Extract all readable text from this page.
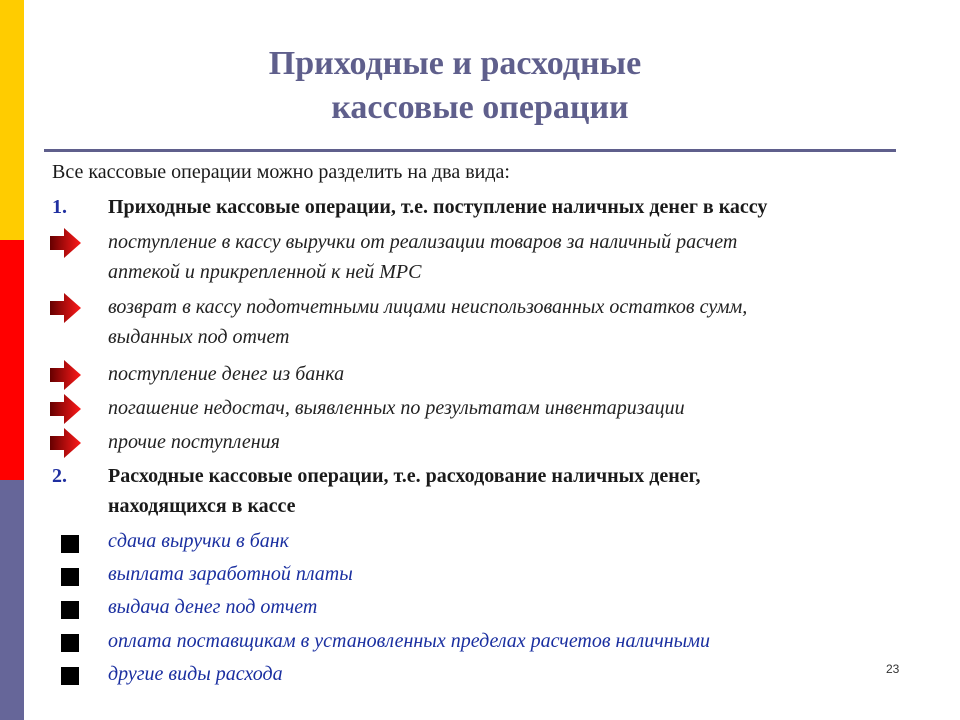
Приходные и расходные
кассовые операции
Все кассовые операции можно разделить на два вида:
1. Приходные кассовые операции, т.е. поступление наличных денег в кассу
поступление в кассу выручки от реализации товаров за наличный расчет
аптекой и прикрепленной к ней МРС
возврат в кассу подотчетными лицами неиспользованных остатков сумм,
выданных под отчет
поступление денег из банка
погашение недостач, выявленных по результатам инвентаризации
прочие поступления
2. Расходные кассовые операции, т.е. расходование наличных денег,
находящихся в кассе
сдача выручки в банк
выплата заработной платы
выдача денег под отчет
оплата поставщикам в установленных пределах расчетов наличными
другие виды расхода	23
